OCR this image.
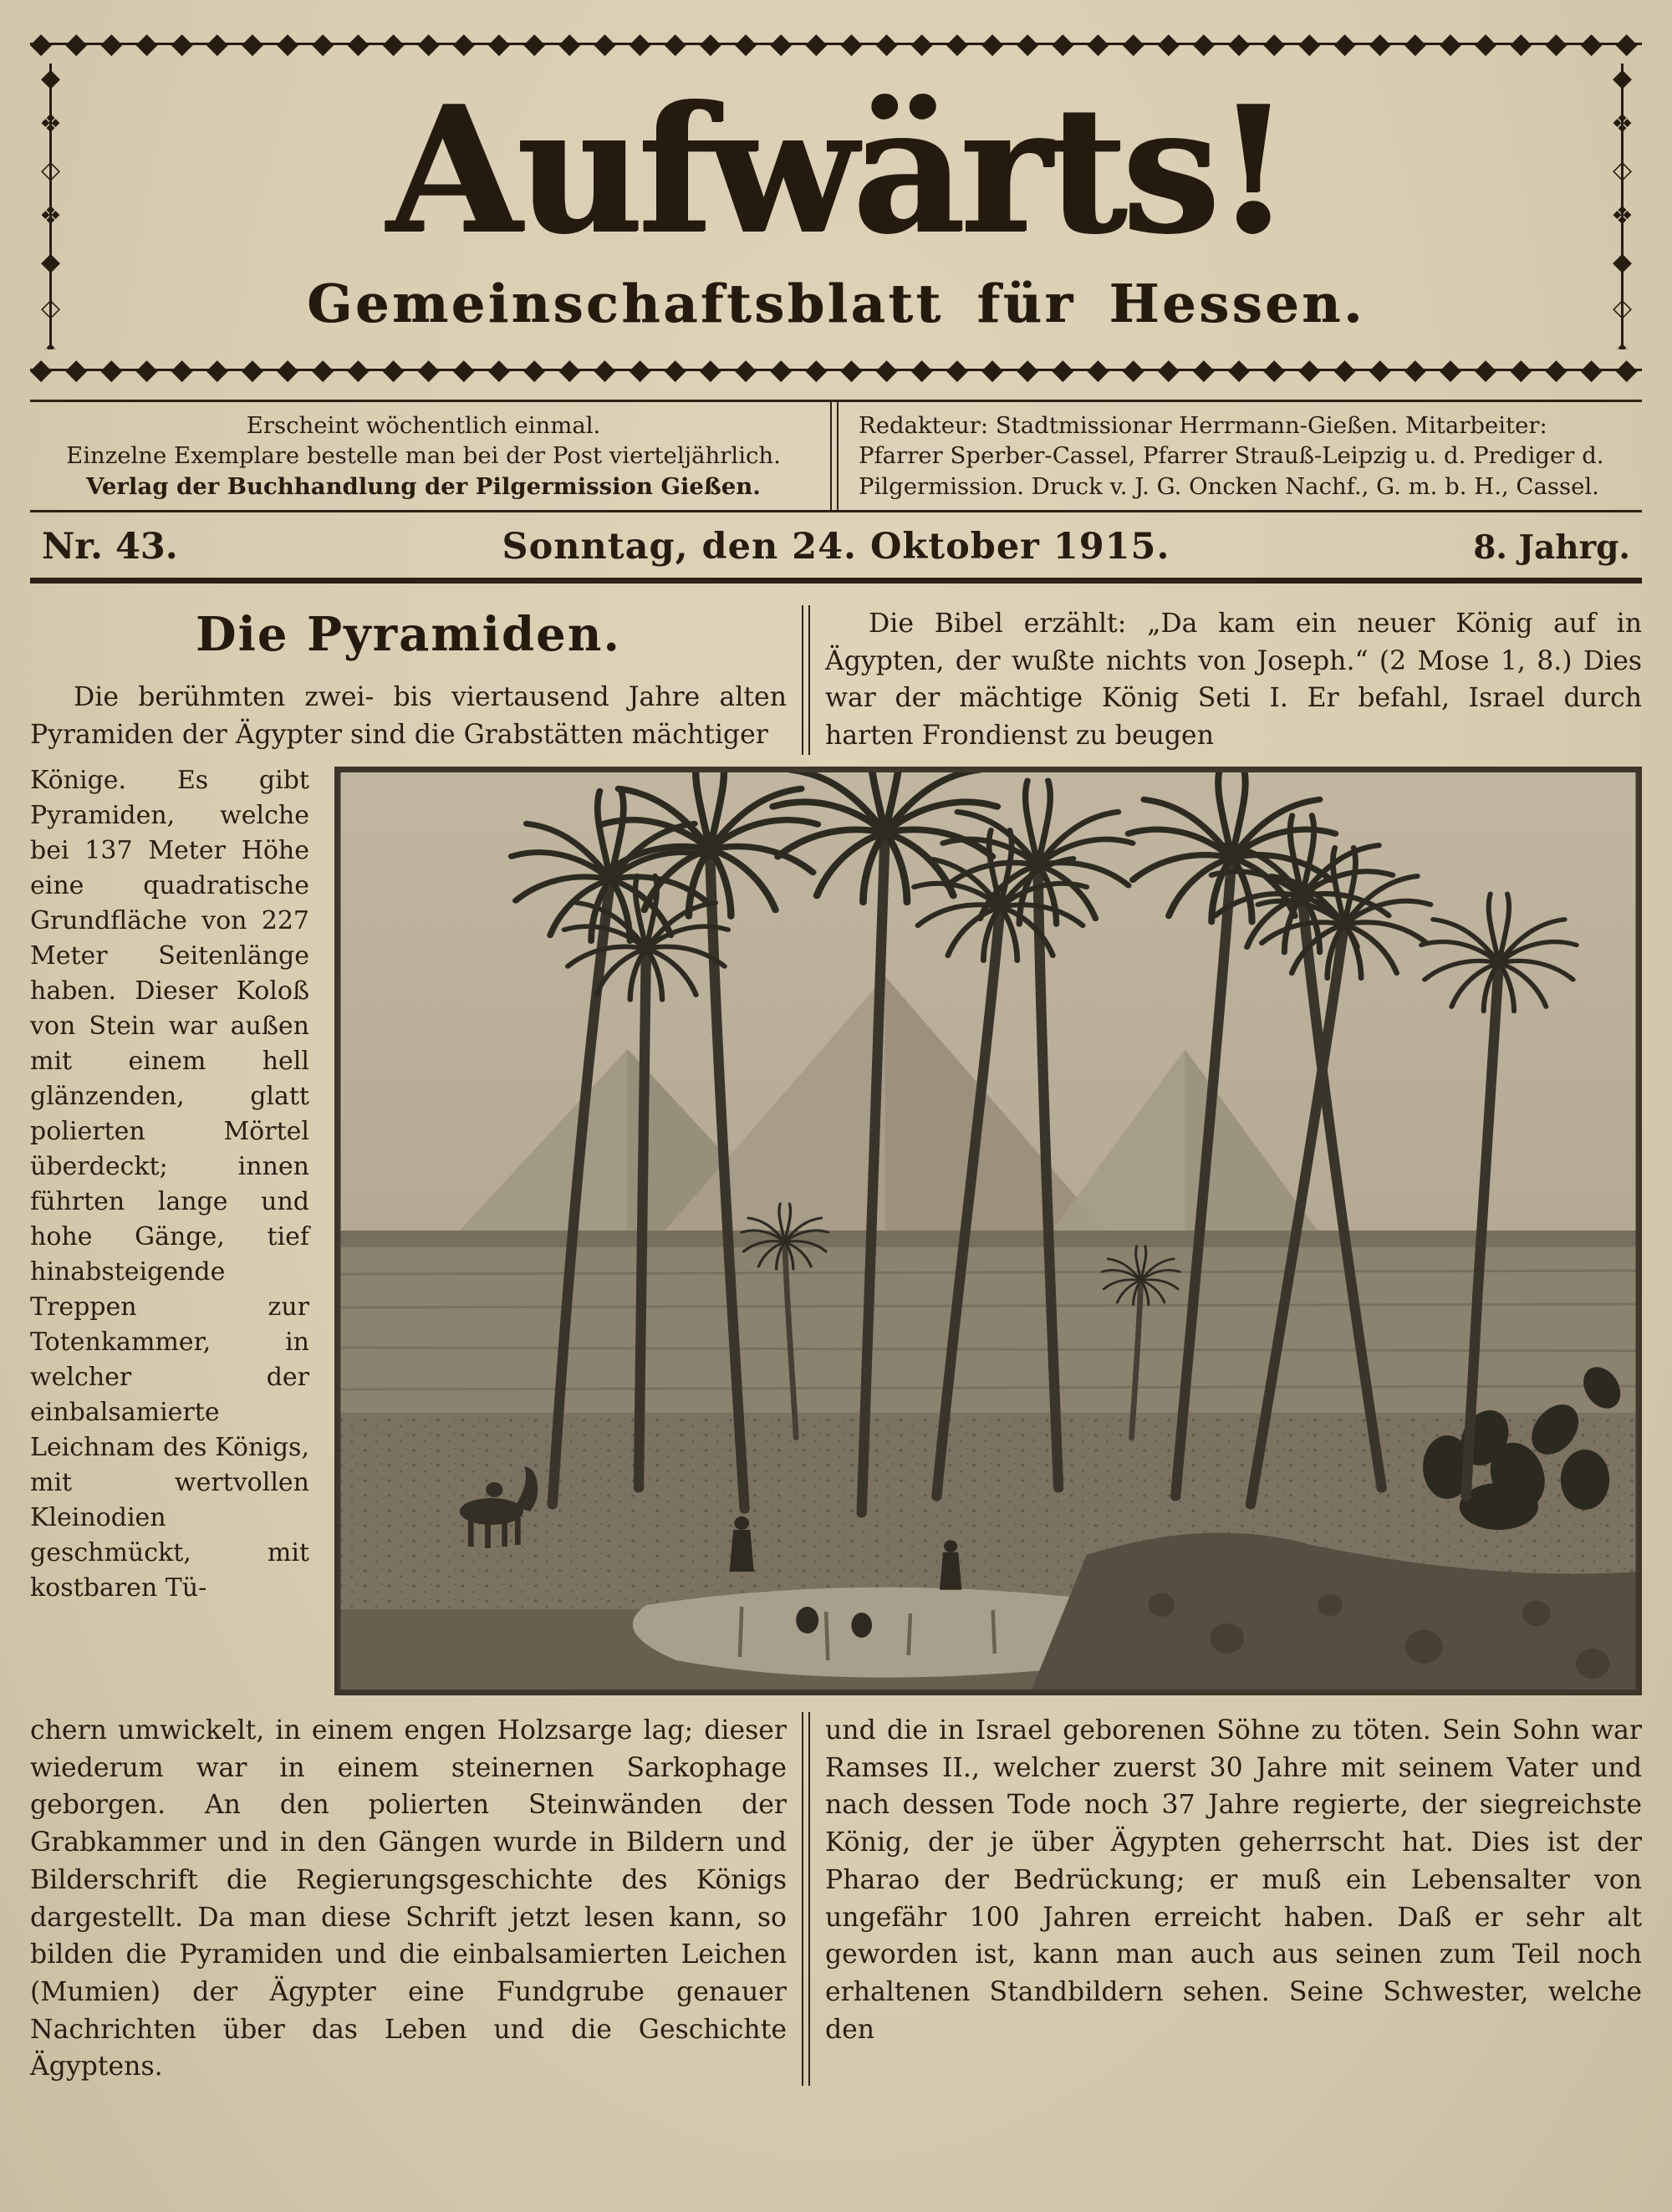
◆◆◆◆◆◆◆◆◆◆◆◆◆◆◆◆◆◆◆◆◆◆◆◆◆◆◆◆◆◆◆◆◆◆◆◆◆◆◆◆◆◆◆◆◆◆◆◆◆◆◆◆◆◆◆◆◆◆◆◆◆◆◆◆◆◆◆◆◆◆
◆❖◇❖◆◇❖◆◇❖◆
◆❖◇❖◆◇❖◆◇❖◆
Aufwärts!
Gemeinschaftsblatt für Hessen.
◆◆◆◆◆◆◆◆◆◆◆◆◆◆◆◆◆◆◆◆◆◆◆◆◆◆◆◆◆◆◆◆◆◆◆◆◆◆◆◆◆◆◆◆◆◆◆◆◆◆◆◆◆◆◆◆◆◆◆◆◆◆◆◆◆◆◆◆◆◆
Erscheint wöchentlich einmal.
Einzelne Exemplare bestelle man bei der Post vierteljährlich.
Verlag der Buchhandlung der Pilgermission Gießen.
Redakteur: Stadtmissionar Herrmann-Gießen. Mitarbeiter:
Pfarrer Sperber-Cassel, Pfarrer Strauß-Leipzig u. d. Prediger d.
Pilgermission. Druck v. J. G. Oncken Nachf., G. m. b. H., Cassel.
Nr. 43.	Sonntag, den 24. Oktober 1915.	8. Jahrg.
Die Pyramiden.

Die berühmten zwei- bis viertausend Jahre alten Pyramiden der Ägypter sind die Grabstätten mächtiger

Die Bibel erzählt: „Da kam ein neuer König auf in Ägypten, der wußte nichts von Joseph.“ (2 Mose 1, 8.) Dies war der mächtige König Seti I. Er befahl, Israel durch harten Frondienst zu beugen

Könige. Es gibt Pyramiden, welche bei 137 Meter Höhe eine quadratische Grundfläche von 227 Meter Seitenlänge haben. Dieser Koloß von Stein war außen mit einem hell glänzenden, glatt polierten Mörtel überdeckt; innen führten lange und hohe Gänge, tief hinabsteigende Treppen zur Totenkammer, in welcher der einbalsamierte Leichnam des Königs, mit wertvollen Kleinodien geschmückt, mit kostbaren Tü-

chern umwickelt, in einem engen Holzsarge lag; dieser wiederum war in einem steinernen Sarkophage geborgen. An den polierten Steinwänden der Grabkammer und in den Gängen wurde in Bildern und Bilderschrift die Regierungsgeschichte des Königs dargestellt. Da man diese Schrift jetzt lesen kann, so bilden die Pyramiden und die einbalsamierten Leichen (Mumien) der Ägypter eine Fundgrube genauer Nachrichten über das Leben und die Geschichte Ägyptens.

und die in Israel geborenen Söhne zu töten. Sein Sohn war Ramses II., welcher zuerst 30 Jahre mit seinem Vater und nach dessen Tode noch 37 Jahre regierte, der siegreichste König, der je über Ägypten geherrscht hat. Dies ist der Pharao der Bedrückung; er muß ein Lebensalter von ungefähr 100 Jahren erreicht haben. Daß er sehr alt geworden ist, kann man auch aus seinen zum Teil noch erhaltenen Standbildern sehen. Seine Schwester, welche den
